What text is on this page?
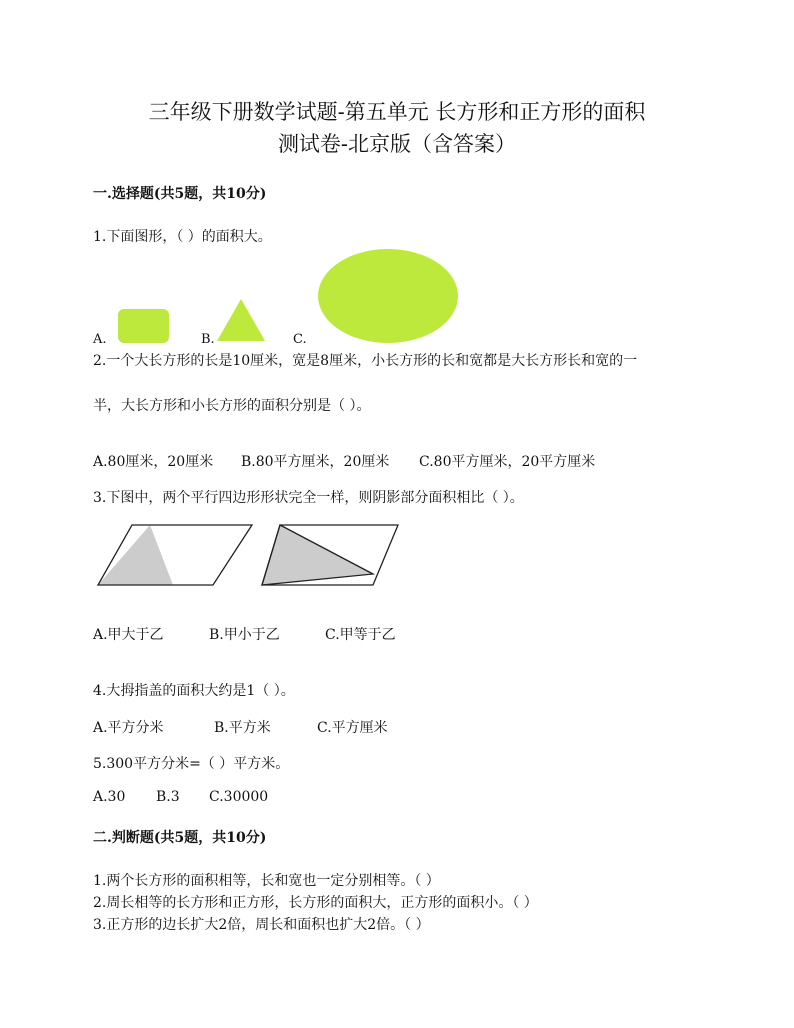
三年级下册数学试题-第五单元 长方形和正方形的面积
测试卷-北京版（含答案）
一.选择题(共5题，共10分)
1.下面图形，（ ）的面积大。
A.	B.	C.
2.一个大长方形的长是10厘米，宽是8厘米，小长方形的长和宽都是大长方形长和宽的一
半，大长方形和小长方形的面积分别是（ ）。
A.80厘米，20厘米 B.80平方厘米，20厘米 C.80平方厘米，20平方厘米
3.下图中，两个平行四边形形状完全一样，则阴影部分面积相比（ ）。
A.甲大于乙	B.甲小于乙	C.甲等于乙
4.大拇指盖的面积大约是1（ ）。
A.平方分米	B.平方米	C.平方厘米
5.300平方分米=（ ）平方米。
A.30 B.3 C.30000
二.判断题(共5题，共10分)
1.两个长方形的面积相等，长和宽也一定分别相等。（ ）
2.周长相等的长方形和正方形，长方形的面积大，正方形的面积小。（ ）
3.正方形的边长扩大2倍，周长和面积也扩大2倍。（ ）
